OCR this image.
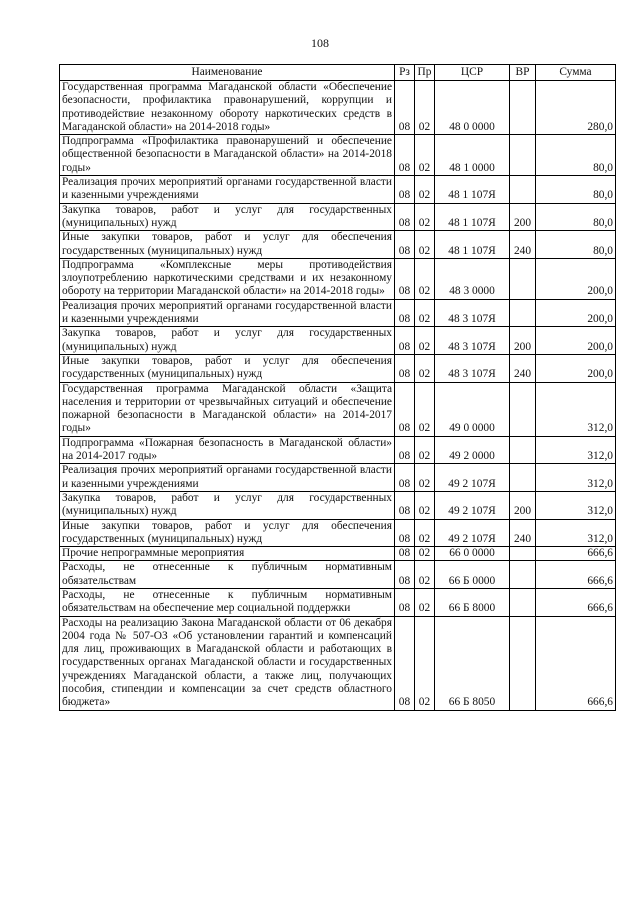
108
Наименование	Рз	Пр	ЦСР	ВР	Сумма
Государственная программа Магаданской области «Обеспечение безопасности, профилактика правонарушений, коррупции и противодействие незаконному обороту наркотических средств в Магаданской области» на 2014-2018 годы»	08	02	48 0 0000		280,0
Подпрограмма «Профилактика правонарушений и обеспечение общественной безопасности в Магаданской области» на 2014-2018 годы»	08	02	48 1 0000		80,0
Реализация прочих мероприятий органами государственной власти и казенными учреждениями	08	02	48 1 107Я		80,0
Закупка товаров, работ и услуг для государственных (муниципальных) нужд	08	02	48 1 107Я	200	80,0
Иные закупки товаров, работ и услуг для обеспечения государственных (муниципальных) нужд	08	02	48 1 107Я	240	80,0
Подпрограмма «Комплексные меры противодействия злоупотреблению наркотическими средствами и их незаконному обороту на территории Магаданской области» на 2014-2018 годы»	08	02	48 3 0000		200,0
Реализация прочих мероприятий органами государственной власти и казенными учреждениями	08	02	48 3 107Я		200,0
Закупка товаров, работ и услуг для государственных (муниципальных) нужд	08	02	48 3 107Я	200	200,0
Иные закупки товаров, работ и услуг для обеспечения государственных (муниципальных) нужд	08	02	48 3 107Я	240	200,0
Государственная программа Магаданской области «Защита населения и территории от чрезвычайных ситуаций и обеспечение пожарной безопасности в Магаданской области» на 2014-2017 годы»	08	02	49 0 0000		312,0
Подпрограмма «Пожарная безопасность в Магаданской области» на 2014-2017 годы»	08	02	49 2 0000		312,0
Реализация прочих мероприятий органами государственной власти и казенными учреждениями	08	02	49 2 107Я		312,0
Закупка товаров, работ и услуг для государственных (муниципальных) нужд	08	02	49 2 107Я	200	312,0
Иные закупки товаров, работ и услуг для обеспечения государственных (муниципальных) нужд	08	02	49 2 107Я	240	312,0
Прочие непрограммные мероприятия	08	02	66 0 0000		666,6
Расходы, не отнесенные к публичным нормативным обязательствам	08	02	66 Б 0000		666,6
Расходы, не отнесенные к публичным нормативным обязательствам на обеспечение мер социальной поддержки	08	02	66 Б 8000		666,6
Расходы на реализацию Закона Магаданской области от 06 декабря 2004 года № 507-ОЗ «Об установлении гарантий и компенсаций для лиц, проживающих в Магаданской области и работающих в государственных органах Магаданской области и государственных учреждениях Магаданской области, а также лиц, получающих пособия, стипендии и компенсации за счет средств областного бюджета»	08	02	66 Б 8050		666,6
